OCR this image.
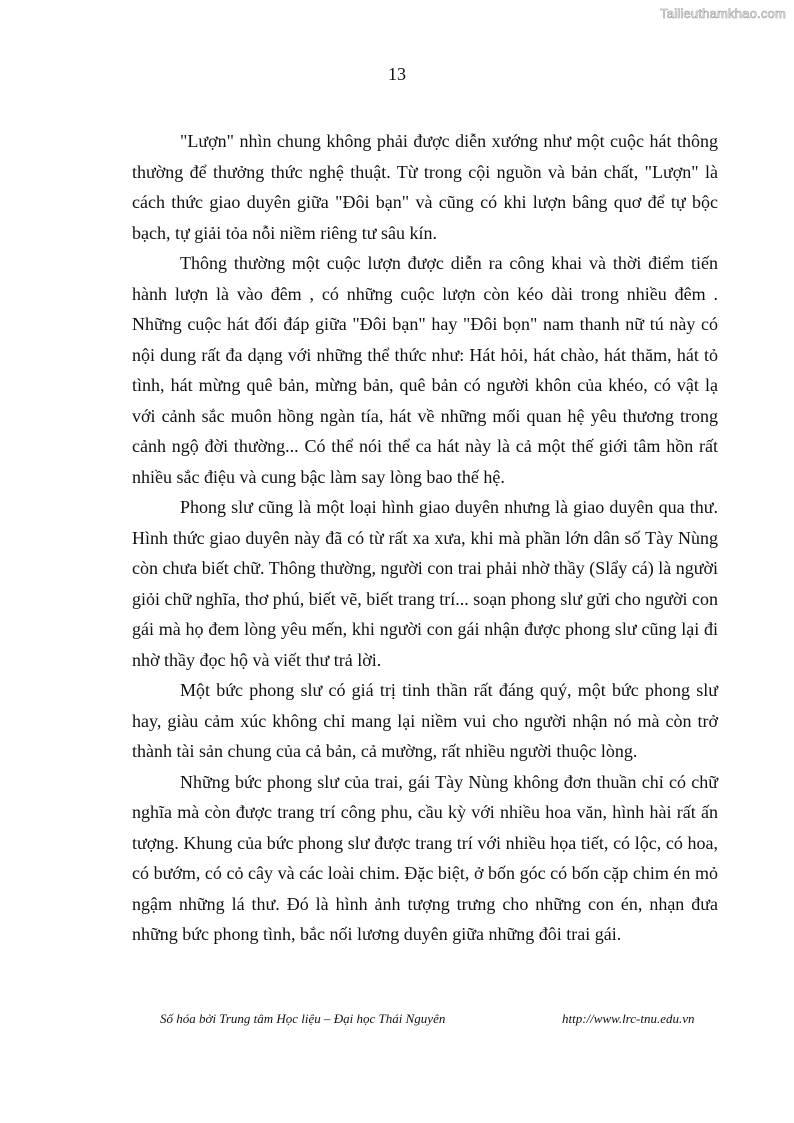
Tailieuthamkhao.com
13

"Lượn" nhìn chung không phải được diễn xướng như một cuộc hát thông thường để thưởng thức nghệ thuật. Từ trong cội nguồn và bản chất, "Lượn" là cách thức giao duyên giữa "Đôi bạn" và cũng có khi lượn bâng quơ để tự bộc bạch, tự giải tỏa nỗi niềm riêng tư sâu kín.

Thông thường một cuộc lượn được diễn ra công khai và thời điểm tiến hành lượn là vào đêm , có những cuộc lượn còn kéo dài trong nhiều đêm . Những cuộc hát đối đáp giữa "Đôi bạn" hay "Đôi bọn" nam thanh nữ tú này có nội dung rất đa dạng với những thể thức như: Hát hỏi, hát chào, hát thăm, hát tỏ tình, hát mừng quê bản, mừng bản, quê bản có người khôn của khéo, có vật lạ với cảnh sắc muôn hồng ngàn tía, hát về những mối quan hệ yêu thương trong cảnh ngộ đời thường... Có thể nói thể ca hát này là cả một thế giới tâm hồn rất nhiều sắc điệu và cung bậc làm say lòng bao thế hệ.

Phong slư cũng là một loại hình giao duyên nhưng là giao duyên qua thư. Hình thức giao duyên này đã có từ rất xa xưa, khi mà phần lớn dân số Tày Nùng còn chưa biết chữ. Thông thường, người con trai phải nhờ thầy (Slẩy cá) là người giỏi chữ nghĩa, thơ phú, biết vẽ, biết trang trí... soạn phong slư gửi cho người con gái mà họ đem lòng yêu mến, khi người con gái nhận được phong slư cũng lại đi nhờ thầy đọc hộ và viết thư trả lời.

Một bức phong slư có giá trị tinh thần rất đáng quý, một bức phong slư hay, giàu cảm xúc không chỉ mang lại niềm vui cho người nhận nó mà còn trở thành tài sản chung của cả bản, cả mường, rất nhiều người thuộc lòng.

Những bức phong slư của trai, gái Tày Nùng không đơn thuần chỉ có chữ nghĩa mà còn được trang trí công phu, cầu kỳ với nhiều hoa văn, hình hài rất ấn tượng. Khung của bức phong slư được trang trí với nhiều họa tiết, có lộc, có hoa, có bướm, có cỏ cây và các loài chim. Đặc biệt, ở bốn góc có bốn cặp chim én mỏ ngậm những lá thư. Đó là hình ảnh tượng trưng cho những con én, nhạn đưa những bức phong tình, bắc nối lương duyên giữa những đôi trai gái.

Số hóa bởi Trung tâm Học liệu – Đại học Thái Nguyên	http://www.lrc-tnu.edu.vn
